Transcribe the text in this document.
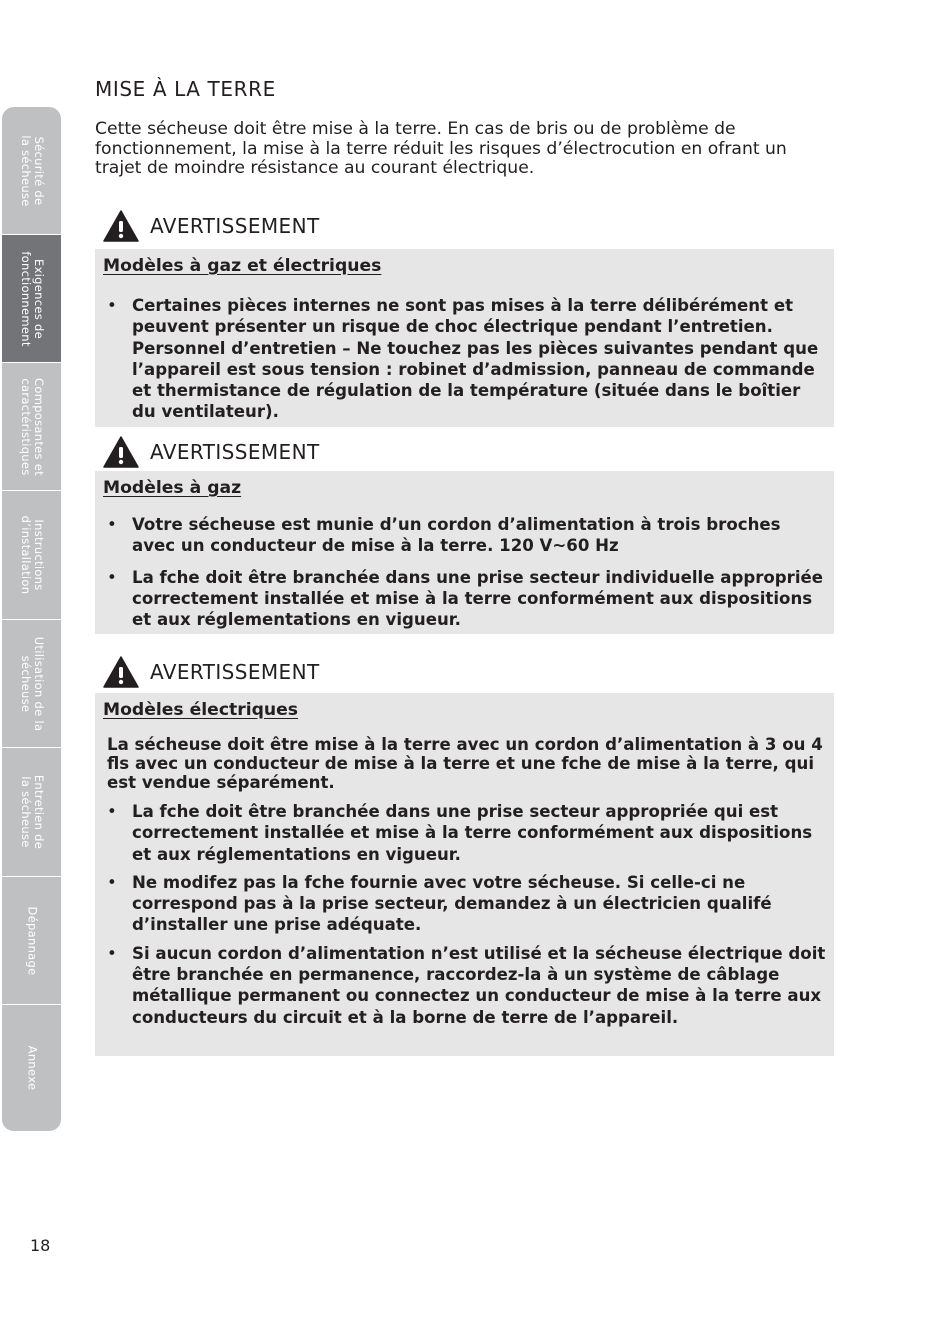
Sécurité de
la sécheuse
Exigences de
fonctionnement
Composantes et
caractéristiques
Instructions
d’installation
Utilisation de la
sécheuse
Entretien de
la sécheuse
Dépannage
Annexe
MISE À LA TERRE

Cette sécheuse doit être mise à la terre. En cas de bris ou de problème de fonctionnement, la mise à la terre réduit les risques d’électrocution en ofrant un trajet de moindre résistance au courant électrique.

AVERTISSEMENT
Modèles à gaz et électriques
• Certaines pièces internes ne sont pas mises à la terre délibérément et peuvent présenter un risque de choc électrique pendant l’entretien. Personnel d’entretien – Ne touchez pas les pièces suivantes pendant que l’appareil est sous tension : robinet d’admission, panneau de commande et thermistance de régulation de la température (située dans le boîtier du ventilateur).
AVERTISSEMENT
Modèles à gaz
• Votre sécheuse est munie d’un cordon d’alimentation à trois broches avec un conducteur de mise à la terre. 120 V~60 Hz
• La fche doit être branchée dans une prise secteur individuelle appropriée correctement installée et mise à la terre conformément aux dispositions et aux réglementations en vigueur.
AVERTISSEMENT
Modèles électriques

La sécheuse doit être mise à la terre avec un cordon d’alimentation à 3 ou 4 fls avec un conducteur de mise à la terre et une fche de mise à la terre, qui est vendue séparément.

• La fche doit être branchée dans une prise secteur appropriée qui est correctement installée et mise à la terre conformément aux dispositions et aux réglementations en vigueur.
• Ne modifez pas la fche fournie avec votre sécheuse. Si celle-ci ne correspond pas à la prise secteur, demandez à un électricien qualifé d’installer une prise adéquate.
• Si aucun cordon d’alimentation n’est utilisé et la sécheuse électrique doit être branchée en permanence, raccordez-la à un système de câblage métallique permanent ou connectez un conducteur de mise à la terre aux conducteurs du circuit et à la borne de terre de l’appareil.
18
